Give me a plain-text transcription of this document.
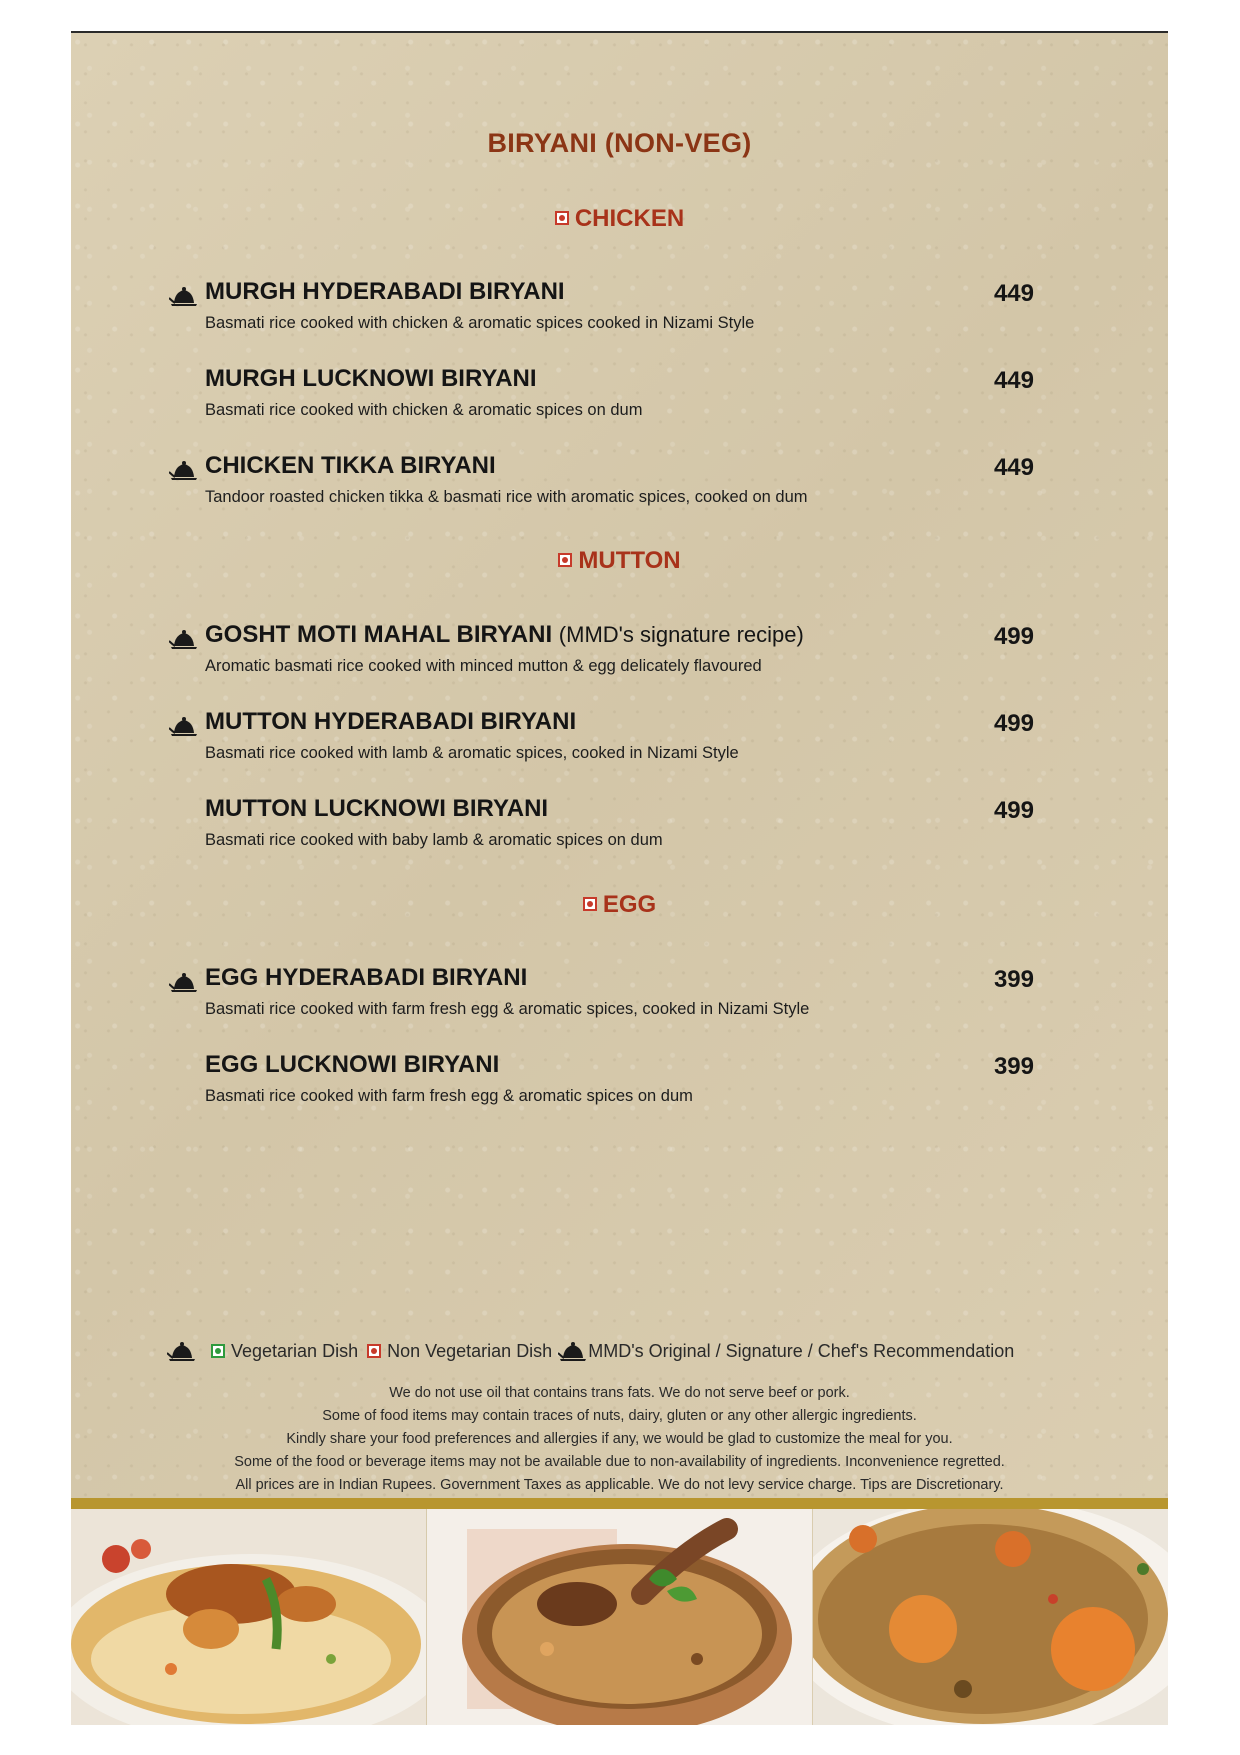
BIRYANI (NON-VEG)
CHICKEN
MURGH HYDERABADI BIRYANI
Basmati rice cooked with chicken & aromatic spices cooked in Nizami Style
449
MURGH LUCKNOWI BIRYANI
Basmati rice cooked with chicken & aromatic spices on dum
449
CHICKEN TIKKA BIRYANI
Tandoor roasted chicken tikka & basmati rice with aromatic spices, cooked on dum
449
MUTTON
GOSHT MOTI MAHAL BIRYANI (MMD's signature recipe)
Aromatic basmati rice cooked with minced mutton & egg delicately flavoured
499
MUTTON HYDERABADI BIRYANI
Basmati rice cooked with lamb & aromatic spices, cooked in Nizami Style
499
MUTTON LUCKNOWI BIRYANI
Basmati rice cooked with baby lamb & aromatic spices on dum
499
EGG
EGG HYDERABADI BIRYANI
Basmati rice cooked with farm fresh egg & aromatic spices, cooked in Nizami Style
399
EGG LUCKNOWI BIRYANI
Basmati rice cooked with farm fresh egg & aromatic spices on dum
399
Vegetarian Dish Non Vegetarian Dish MMD's Original / Signature / Chef's Recommendation
We do not use oil that contains trans fats. We do not serve beef or pork.
Some of food items may contain traces of nuts, dairy, gluten or any other allergic ingredients.
Kindly share your food preferences and allergies if any, we would be glad to customize the meal for you.
Some of the food or beverage items may not be available due to non-availability of ingredients. Inconvenience regretted.
All prices are in Indian Rupees. Government Taxes as applicable. We do not levy service charge. Tips are Discretionary.
